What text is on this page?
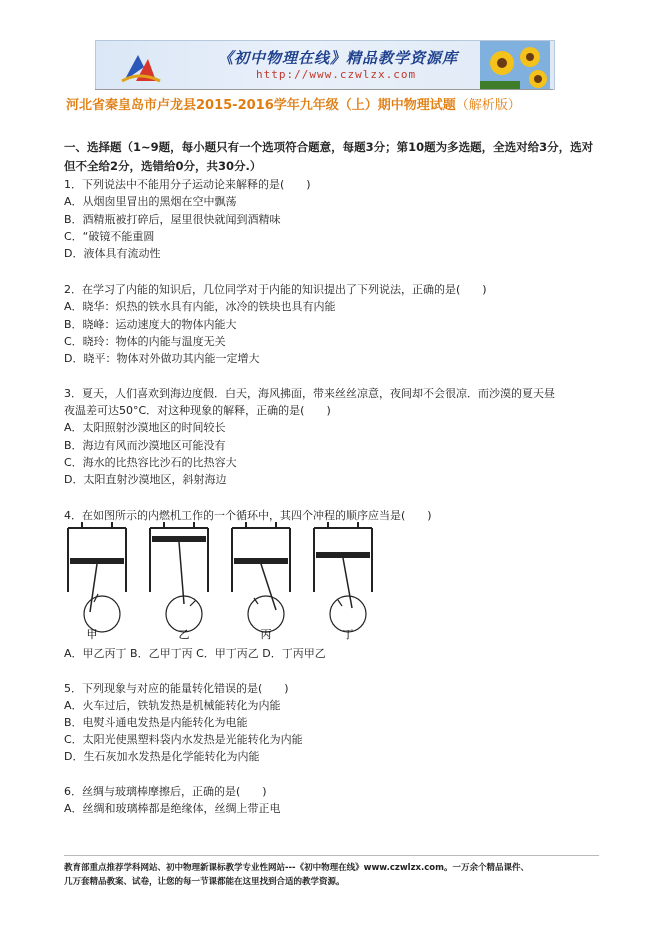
《初中物理在线》精品教学资源库
http://www.czwlzx.com
河北省秦皇岛市卢龙县2015-2016学年九年级（上）期中物理试题（解析版）
一、选择题（1~9题，每小题只有一个选项符合题意，每题3分；第10题为多选题，全选对给3分，选对但不全给2分，选错给0分，共30分.）
1．下列说法中不能用分子运动论来解释的是(　　)
A．从烟囱里冒出的黑烟在空中飘荡
B．酒精瓶被打碎后，屋里很快就闻到酒精味
C．“破镜不能重圆
D．液体具有流动性
2．在学习了内能的知识后，几位同学对于内能的知识提出了下列说法，正确的是(　　)
A．晓华：炽热的铁水具有内能，冰冷的铁块也具有内能
B．晓峰：运动速度大的物体内能大
C．晓玲：物体的内能与温度无关
D．晓平：物体对外做功其内能一定增大
3．夏天，人们喜欢到海边度假．白天，海风拂面，带来丝丝凉意，夜间却不会很凉．而沙漠的夏天昼
夜温差可达50°C．对这种现象的解释，正确的是(　　)
A．太阳照射沙漠地区的时间较长
B．海边有风而沙漠地区可能没有
C．海水的比热容比沙石的比热容大
D．太阳直射沙漠地区，斜射海边
4．在如图所示的内燃机工作的一个循环中，其四个冲程的顺序应当是(　　)
甲	乙	丙	丁
A．甲乙丙丁 B．乙甲丁丙 C．甲丁丙乙 D．丁丙甲乙
5．下列现象与对应的能量转化错误的是(　　)
A．火车过后，铁轨发热是机械能转化为内能
B．电熨斗通电发热是内能转化为电能
C．太阳光使黑塑料袋内水发热是光能转化为内能
D．生石灰加水发热是化学能转化为内能
6．丝绸与玻璃棒摩擦后，正确的是(　　)
A．丝绸和玻璃棒都是绝缘体，丝绸上带正电
教育部重点推荐学科网站、初中物理新课标教学专业性网站---《初中物理在线》www.czwlzx.com。一万余个精品课件、
几万套精品教案、试卷，让您的每一节课都能在这里找到合适的教学资源。
